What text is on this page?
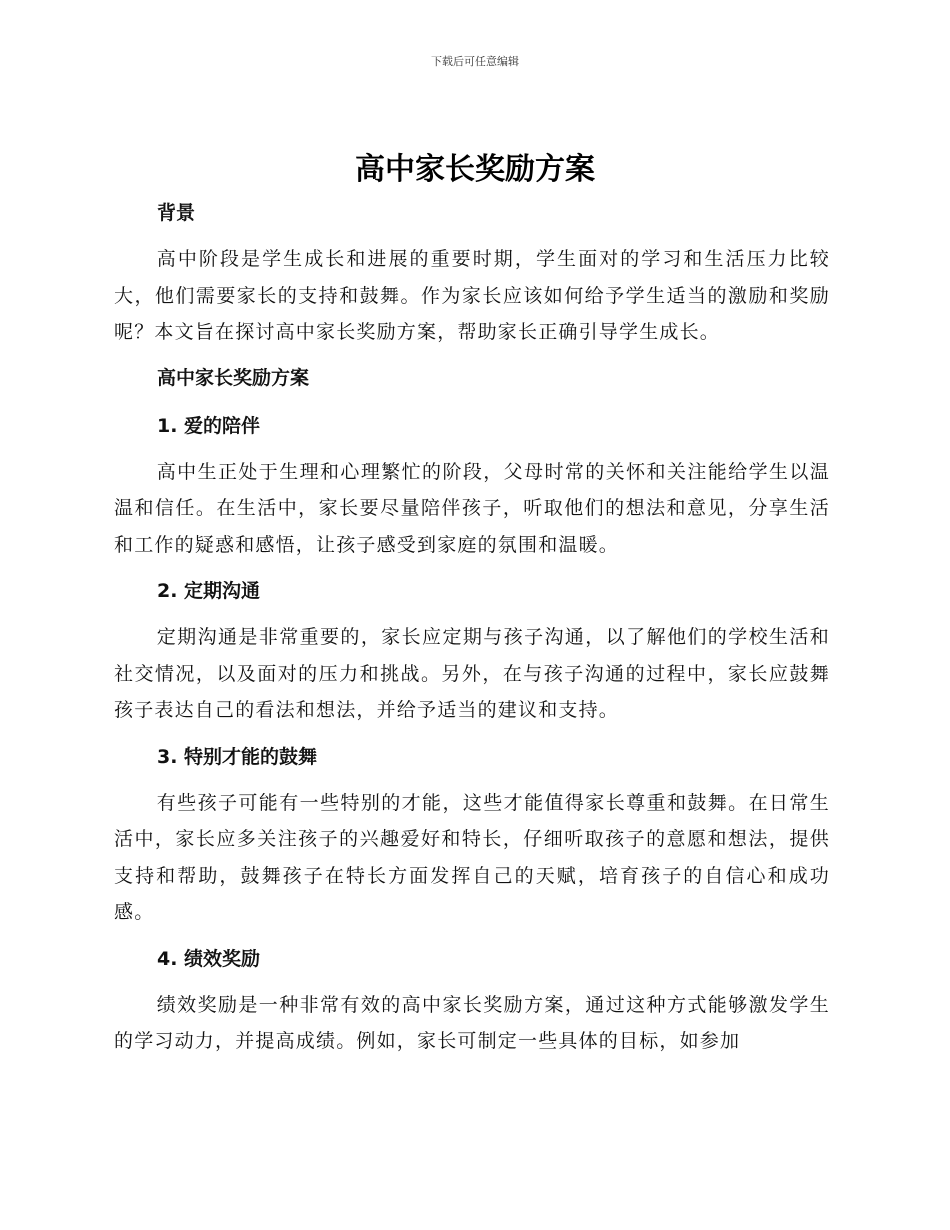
下载后可任意编辑
高中家长奖励方案
背景

高中阶段是学生成长和进展的重要时期，学生面对的学习和生活压力比较大，他们需要家长的支持和鼓舞。作为家长应该如何给予学生适当的激励和奖励呢？本文旨在探讨高中家长奖励方案，帮助家长正确引导学生成长。

高中家长奖励方案
1. 爱的陪伴

高中生正处于生理和心理繁忙的阶段，父母时常的关怀和关注能给学生以温温和信任。在生活中，家长要尽量陪伴孩子，听取他们的想法和意见，分享生活和工作的疑惑和感悟，让孩子感受到家庭的氛围和温暖。

2. 定期沟通

定期沟通是非常重要的，家长应定期与孩子沟通，以了解他们的学校生活和社交情况，以及面对的压力和挑战。另外，在与孩子沟通的过程中，家长应鼓舞孩子表达自己的看法和想法，并给予适当的建议和支持。

3. 特别才能的鼓舞

有些孩子可能有一些特别的才能，这些才能值得家长尊重和鼓舞。在日常生活中，家长应多关注孩子的兴趣爱好和特长，仔细听取孩子的意愿和想法，提供支持和帮助，鼓舞孩子在特长方面发挥自己的天赋，培育孩子的自信心和成功感。

4. 绩效奖励

绩效奖励是一种非常有效的高中家长奖励方案，通过这种方式能够激发学生的学习动力，并提高成绩。例如，家长可制定一些具体的目标，如参加
